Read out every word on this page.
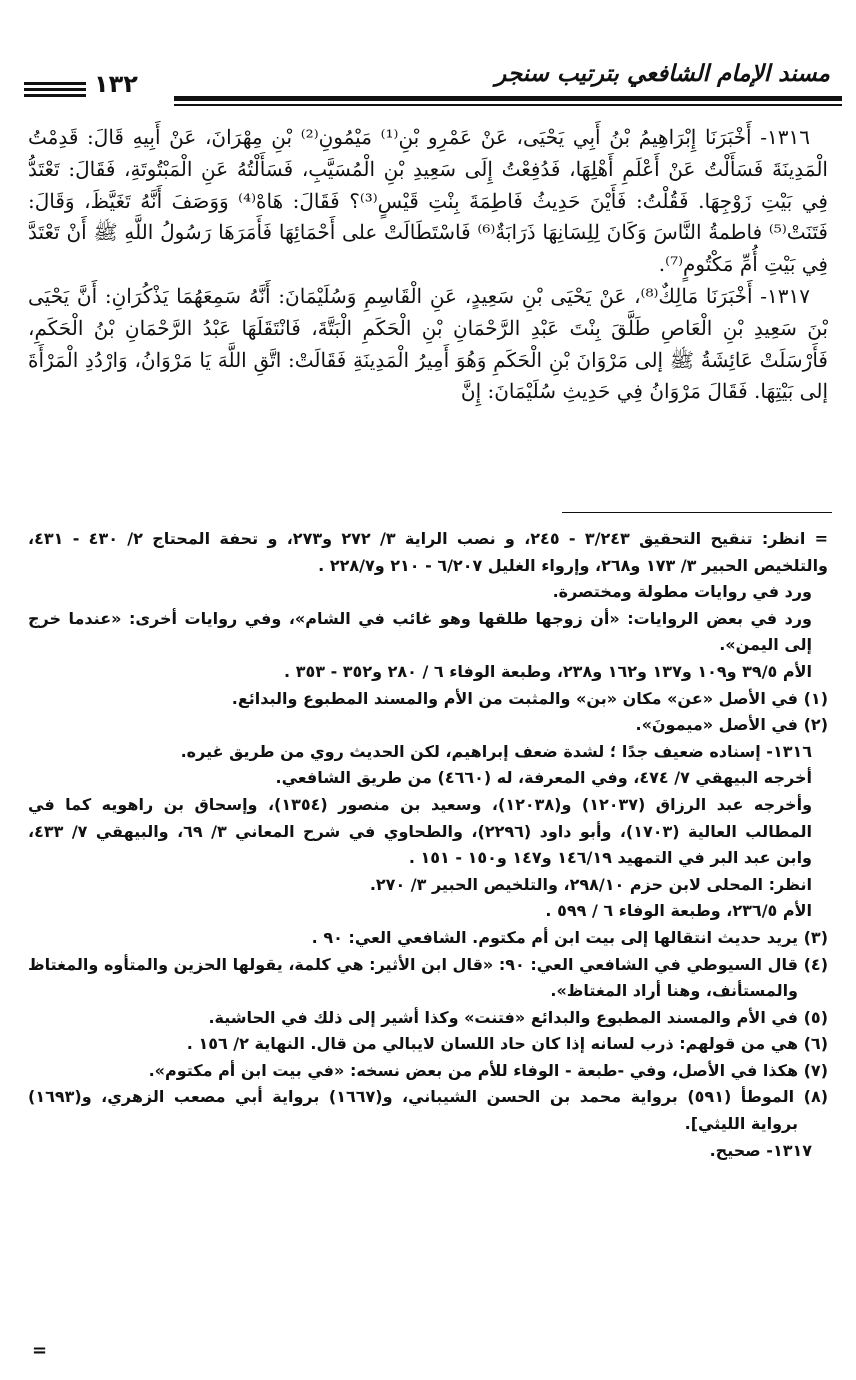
مسند الإمام الشافعي بترتيب سنجر
١٣٢

١٣١٦- أَخْبَرَنَا إِبْرَاهِيمُ بْنُ أَبِي يَحْيَى، عَنْ عَمْرِو بْنِ⁽¹⁾ مَيْمُونِ⁽²⁾ بْنِ مِهْرَانَ، عَنْ أَبِيهِ قَالَ: قَدِمْتُ الْمَدِينَةَ فَسَأَلْتُ عَنْ أَعْلَمِ أَهْلِهَا، فَدُفِعْتُ إِلَى سَعِيدِ بْنِ الْمُسَيَّبِ، فَسَأَلْتُهُ عَنِ الْمَبْتُوتَةِ، فَقَالَ: تَعْتَدُّ فِي بَيْتِ زَوْجِهَا. فَقُلْتُ: فَأَيْنَ حَدِيثُ فَاطِمَةَ بِنْتِ قَيْسٍ⁽³⁾؟ فَقَالَ: هَاهْ⁽⁴⁾ وَوَصَفَ أَنَّهُ تَغَيَّظَ، وَقَالَ: فَتَنَتْ⁽⁵⁾ فاطمةُ النَّاسَ وَكَانَ لِلِسَانِهَا ذَرَابَةٌ⁽⁶⁾ فَاسْتَطَالَتْ على أَحْمَائِهَا فَأَمَرَهَا رَسُولُ اللَّهِ ﷺ أَنْ تَعْتَدَّ فِي بَيْتِ أُمِّ مَكْتُومٍ⁽⁷⁾.

١٣١٧- أَخْبَرَنَا مَالِكٌ⁽⁸⁾، عَنْ يَحْيَى بْنِ سَعِيدٍ، عَنِ الْقَاسِمِ وَسُلَيْمَانَ: أَنَّهُ سَمِعَهُمَا يَذْكُرَانِ: أَنَّ يَحْيَى بْنَ سَعِيدِ بْنِ الْعَاصِ طَلَّقَ بِنْتَ عَبْدِ الرَّحْمَانِ بْنِ الْحَكَمِ الْبَتَّةَ، فَانْتَقَلَهَا عَبْدُ الرَّحْمَانِ بْنُ الْحَكَمِ، فَأَرْسَلَتْ عَائِشَةُ ﷺ إلى مَرْوَانَ بْنِ الْحَكَمِ وَهُوَ أَمِيرُ الْمَدِينَةِ فَقَالَتْ: اتَّقِ اللَّهَ يَا مَرْوَانُ، وَارْدُدِ الْمَرْأَةَ إلى بَيْتِهَا. فَقَالَ مَرْوَانُ فِي حَدِيثِ سُلَيْمَانَ: إِنَّ

= انظر: تنقيح التحقيق ٣/٢٤٣ - ٢٤٥، و نصب الراية ٣/ ٢٧٢ و٢٧٣، و تحفة المحتاج ٢/ ٤٣٠ - ٤٣١، والتلخيص الحبير ٣/ ١٧٣ و٢٦٨، وإرواء الغليل ٦/٢٠٧ - ٢١٠ و٢٢٨/٧ .

ورد في روايات مطولة ومختصرة.

ورد في بعض الروايات: «أن زوجها طلقها وهو غائب في الشام»، وفي روايات أخرى: «عندما خرج إلى اليمن».

الأم ٣٩/٥ و١٠٩ و١٣٧ و١٦٢ و٢٣٨، وطبعة الوفاء ٦ / ٢٨٠ و٣٥٢ - ٣٥٣ .

(١) في الأصل «عن» مكان «بن» والمثبت من الأم والمسند المطبوع والبدائع.

(٢) في الأصل «ميمونَ».

١٣١٦- إسناده ضعيف جدًا ؛ لشدة ضعف إبراهيم، لكن الحديث روي من طريق غيره.

أخرجه البيهقي ٧/ ٤٧٤، وفي المعرفة، له (٤٦٦٠) من طريق الشافعي.

وأخرجه عبد الرزاق (١٢٠٣٧) و(١٢٠٣٨)، وسعيد بن منصور (١٣٥٤)، وإسحاق بن راهويه كما في المطالب العالية (١٧٠٣)، وأبو داود (٢٢٩٦)، والطحاوي في شرح المعاني ٣/ ٦٩، والبيهقي ٧/ ٤٣٣، وابن عبد البر في التمهيد ١٤٦/١٩ و١٤٧ و١٥٠ - ١٥١ .

انظر: المحلى لابن حزم ٢٩٨/١٠، والتلخيص الحبير ٣/ ٢٧٠.

الأم ٢٣٦/٥، وطبعة الوفاء ٦ / ٥٩٩ .

(٣) يريد حديث انتقالها إلى بيت ابن أم مكتوم. الشافعي العي: ٩٠ .

(٤) قال السيوطي في الشافعي العي: ٩٠: «قال ابن الأثير: هي كلمة، يقولها الحزين والمتأوه والمغتاظ والمستأنف، وهنا أراد المغتاظ».

(٥) في الأم والمسند المطبوع والبدائع «فتنت» وكذا أشير إلى ذلك في الحاشية.

(٦) هي من قولهم: ذرب لسانه إذا كان حاد اللسان لايبالي من قال. النهاية ٢/ ١٥٦ .

(٧) هكذا في الأصل، وفي -طبعة - الوفاء للأم من بعض نسخه: «في بيت ابن أم مكتوم».

(٨) الموطأ (٥٩١) برواية محمد بن الحسن الشيباني، و(١٦٦٧) برواية أبي مصعب الزهري، و(١٦٩٣) برواية الليثي].

١٣١٧- صحيح.

=
